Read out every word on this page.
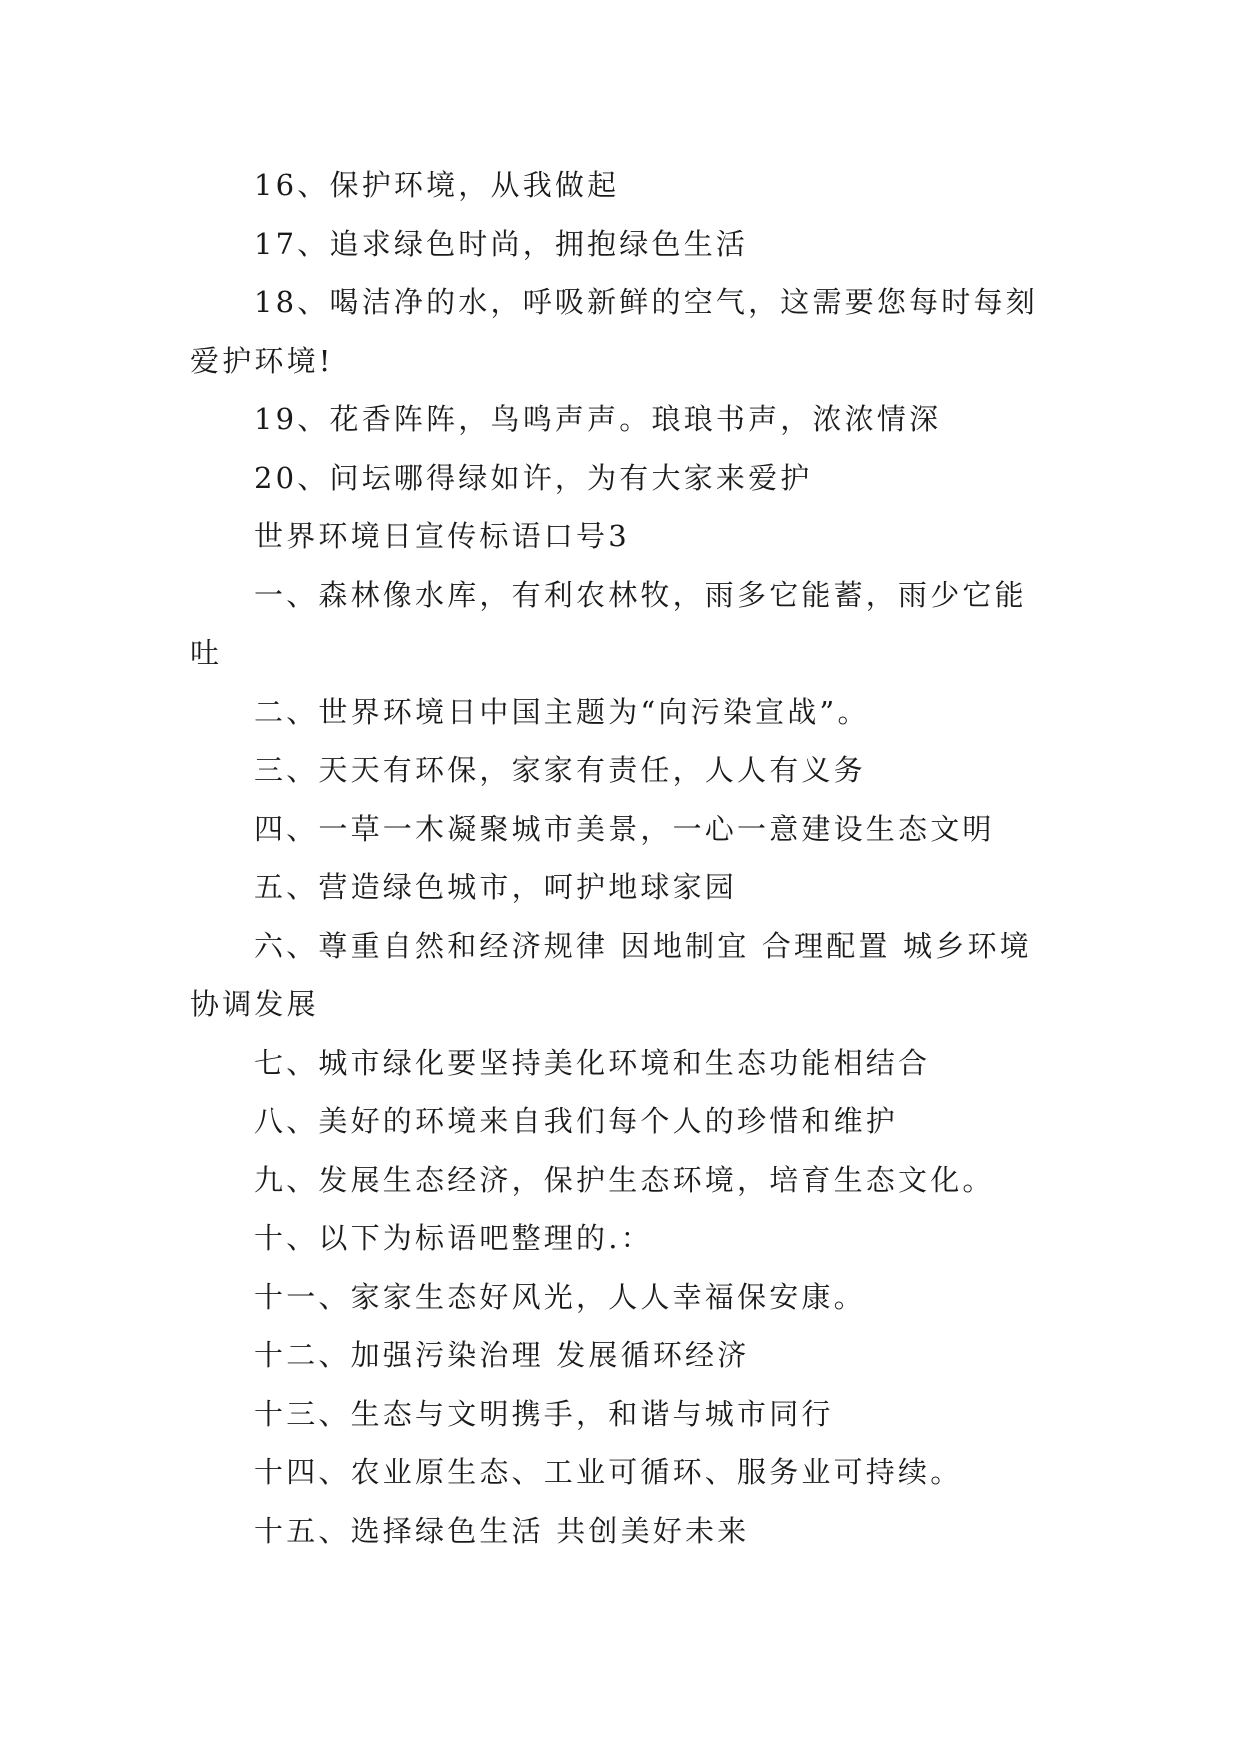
16、保护环境，从我做起

17、追求绿色时尚，拥抱绿色生活

18、喝洁净的水，呼吸新鲜的空气，这需要您每时每刻爱护环境!

19、花香阵阵，鸟鸣声声。琅琅书声，浓浓情深

20、问坛哪得绿如许，为有大家来爱护

世界环境日宣传标语口号3

一、森林像水库，有利农林牧，雨多它能蓄，雨少它能吐

二、世界环境日中国主题为“向污染宣战”。

三、天天有环保，家家有责任，人人有义务

四、一草一木凝聚城市美景，一心一意建设生态文明

五、营造绿色城市，呵护地球家园

六、尊重自然和经济规律 因地制宜 合理配置 城乡环境协调发展

七、城市绿化要坚持美化环境和生态功能相结合

八、美好的环境来自我们每个人的珍惜和维护

九、发展生态经济，保护生态环境，培育生态文化。

十、以下为标语吧整理的.：

十一、家家生态好风光，人人幸福保安康。

十二、加强污染治理 发展循环经济

十三、生态与文明携手，和谐与城市同行

十四、农业原生态、工业可循环、服务业可持续。

十五、选择绿色生活 共创美好未来
